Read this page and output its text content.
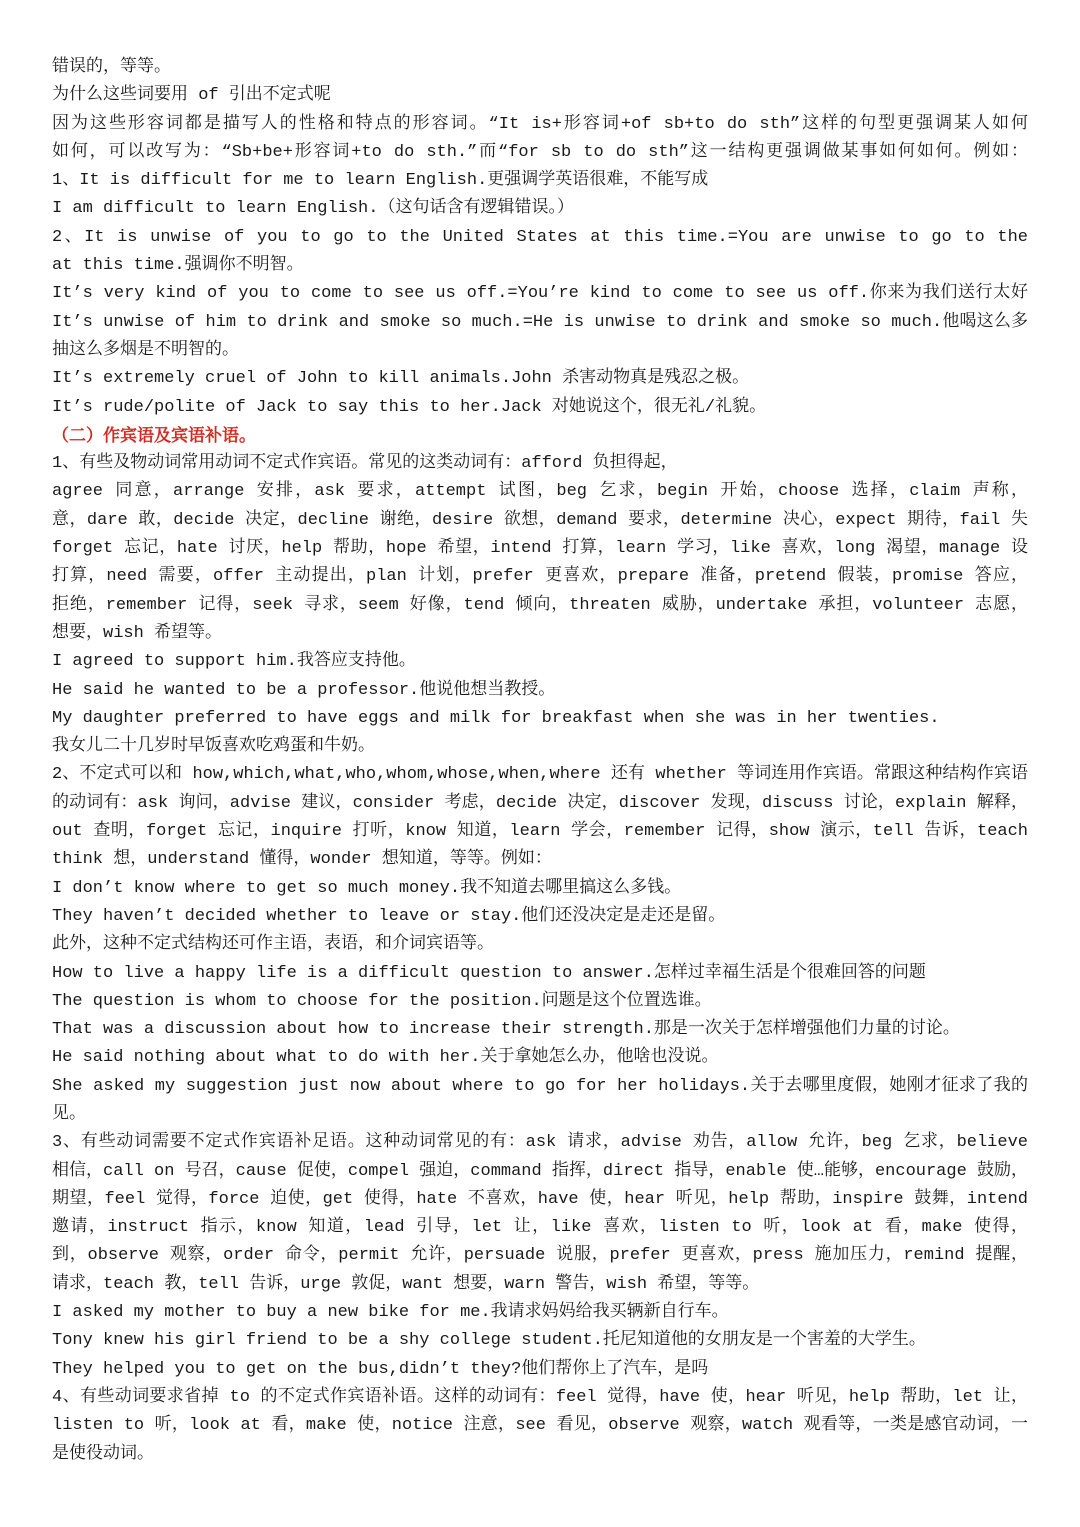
错误的，等等。
为什么这些词要用 of 引出不定式呢
因为这些形容词都是描写人的性格和特点的形容词。“It is+形容词+of sb+to do sth”这样的句型更强调某人如何
如何，可以改写为：“Sb+be+形容词+to do sth.”而“for sb to do sth”这一结构更强调做某事如何如何。例如：
1、It is difficult for me to learn English.更强调学英语很难，不能写成
I am difficult to learn English.（这句话含有逻辑错误。）
2、It is unwise of you to go to the United States at this time.=You are unwise to go to the
at this time.强调你不明智。
It’s very kind of you to come to see us off.=You’re kind to come to see us off.你来为我们送行太好
It’s unwise of him to drink and smoke so much.=He is unwise to drink and smoke so much.他喝这么多
抽这么多烟是不明智的。
It’s extremely cruel of John to kill animals.John 杀害动物真是残忍之极。
It’s rude/polite of Jack to say this to her.Jack 对她说这个，很无礼/礼貌。
（二）作宾语及宾语补语。
1、有些及物动词常用动词不定式作宾语。常见的这类动词有：afford 负担得起，
agree 同意，arrange 安排，ask 要求，attempt 试图，beg 乞求，begin 开始，choose 选择，claim 声称，
意，dare 敢，decide 决定，decline 谢绝，desire 欲想，demand 要求，determine 决心，expect 期待，fail 失
forget 忘记，hate 讨厌，help 帮助，hope 希望，intend 打算，learn 学习，like 喜欢，long 渴望，manage 设
打算，need 需要，offer 主动提出，plan 计划，prefer 更喜欢，prepare 准备，pretend 假装，promise 答应，
拒绝，remember 记得，seek 寻求，seem 好像，tend 倾向，threaten 威胁，undertake 承担，volunteer 志愿，
想要，wish 希望等。
I agreed to support him.我答应支持他。
He said he wanted to be a professor.他说他想当教授。
My daughter preferred to have eggs and milk for breakfast when she was in her twenties.
我女儿二十几岁时早饭喜欢吃鸡蛋和牛奶。
2、不定式可以和 how,which,what,who,whom,whose,when,where 还有 whether 等词连用作宾语。常跟这种结构作宾语
的动词有：ask 询问，advise 建议，consider 考虑，decide 决定，discover 发现，discuss 讨论，explain 解释，
out 查明，forget 忘记，inquire 打听，know 知道，learn 学会，remember 记得，show 演示，tell 告诉，teach
think 想，understand 懂得，wonder 想知道，等等。例如：
I don’t know where to get so much money.我不知道去哪里搞这么多钱。
They haven’t decided whether to leave or stay.他们还没决定是走还是留。
此外，这种不定式结构还可作主语，表语，和介词宾语等。
How to live a happy life is a difficult question to answer.怎样过幸福生活是个很难回答的问题
The question is whom to choose for the position.问题是这个位置选谁。
That was a discussion about how to increase their strength.那是一次关于怎样增强他们力量的讨论。
He said nothing about what to do with her.关于拿她怎么办，他啥也没说。
She asked my suggestion just now about where to go for her holidays.关于去哪里度假，她刚才征求了我的
见。
3、有些动词需要不定式作宾语补足语。这种动词常见的有：ask 请求，advise 劝告，allow 允许，beg 乞求，believe
相信，call on 号召，cause 促使，compel 强迫，command 指挥，direct 指导，enable 使…能够，encourage 鼓励，
期望，feel 觉得，force 迫使，get 使得，hate 不喜欢，have 使，hear 听见，help 帮助，inspire 鼓舞，intend
邀请，instruct 指示，know 知道，lead 引导，let 让，like 喜欢，listen to 听，look at 看，make 使得，
到，observe 观察，order 命令，permit 允许，persuade 说服，prefer 更喜欢，press 施加压力，remind 提醒，
请求，teach 教，tell 告诉，urge 敦促，want 想要，warn 警告，wish 希望，等等。
I asked my mother to buy a new bike for me.我请求妈妈给我买辆新自行车。
Tony knew his girl friend to be a shy college student.托尼知道他的女朋友是一个害羞的大学生。
They helped you to get on the bus,didn’t they?他们帮你上了汽车，是吗
4、有些动词要求省掉 to 的不定式作宾语补语。这样的动词有：feel 觉得，have 使，hear 听见，help 帮助，let 让，
listen to 听，look at 看，make 使，notice 注意，see 看见，observe 观察，watch 观看等，一类是感官动词，一
是使役动词。
